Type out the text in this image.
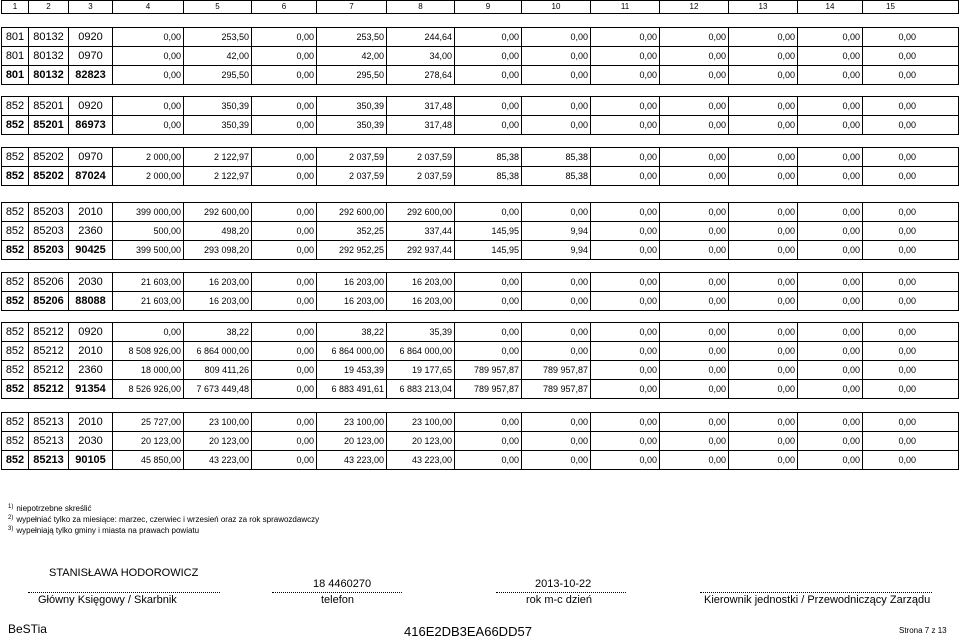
1	2	3	4	5	6	7	8	9	10	11	12	13	14	15
801 80132	0920	0,00	253,50	0,00	253,50	244,64	0,00	0,00	0,00	0,00	0,00	0,00	0,00
801 80132	0970	0,00	42,00	0,00	42,00	34,00	0,00	0,00	0,00	0,00	0,00	0,00	0,00
801 80132	82823	0,00	295,50	0,00	295,50	278,64	0,00	0,00	0,00	0,00	0,00	0,00	0,00
852 85201	0920	0,00	350,39	0,00	350,39	317,48	0,00	0,00	0,00	0,00	0,00	0,00	0,00
852 85201	86973	0,00	350,39	0,00	350,39	317,48	0,00	0,00	0,00	0,00	0,00	0,00	0,00
852 85202	0970	2 000,00	2 122,97	0,00	2 037,59	2 037,59	85,38	85,38	0,00	0,00	0,00	0,00	0,00
852 85202	87024	2 000,00	2 122,97	0,00	2 037,59	2 037,59	85,38	85,38	0,00	0,00	0,00	0,00	0,00
852 85203	2010	399 000,00	292 600,00	0,00	292 600,00	292 600,00	0,00	0,00	0,00	0,00	0,00	0,00	0,00
852 85203	2360	500,00	498,20	0,00	352,25	337,44	145,95	9,94	0,00	0,00	0,00	0,00	0,00
852 85203	90425	399 500,00	293 098,20	0,00	292 952,25	292 937,44	145,95	9,94	0,00	0,00	0,00	0,00	0,00
852 85206	2030	21 603,00	16 203,00	0,00	16 203,00	16 203,00	0,00	0,00	0,00	0,00	0,00	0,00	0,00
852 85206	88088	21 603,00	16 203,00	0,00	16 203,00	16 203,00	0,00	0,00	0,00	0,00	0,00	0,00	0,00
852 85212	0920	0,00	38,22	0,00	38,22	35,39	0,00	0,00	0,00	0,00	0,00	0,00	0,00
852 85212	2010	8 508 926,00	6 864 000,00	0,00	6 864 000,00	6 864 000,00	0,00	0,00	0,00	0,00	0,00	0,00	0,00
852 85212	2360	18 000,00	809 411,26	0,00	19 453,39	19 177,65	789 957,87	789 957,87	0,00	0,00	0,00	0,00	0,00
852 85212	91354	8 526 926,00	7 673 449,48	0,00	6 883 491,61	6 883 213,04	789 957,87	789 957,87	0,00	0,00	0,00	0,00	0,00
852 85213	2010	25 727,00	23 100,00	0,00	23 100,00	23 100,00	0,00	0,00	0,00	0,00	0,00	0,00	0,00
852 85213	2030	20 123,00	20 123,00	0,00	20 123,00	20 123,00	0,00	0,00	0,00	0,00	0,00	0,00	0,00
852 85213	90105	45 850,00	43 223,00	0,00	43 223,00	43 223,00	0,00	0,00	0,00	0,00	0,00	0,00	0,00
$^{1)}$ niepotrzebne skreślić
$^{2)}$ wypełniać tylko za miesiące: marzec, czerwiec i wrzesień oraz za rok sprawozdawczy
$^{3)}$ wypełniają tylko gminy i miasta na prawach powiatu
STANISŁAWA HODOROWICZ
18 4460270	2013-10-22
Główny Księgowy / Skarbnik	telefon	rok m-c dzień	Kierownik jednostki / Przewodniczący Zarządu
BeSTia	416E2DB3EA66DD57	Strona 7 z 13
